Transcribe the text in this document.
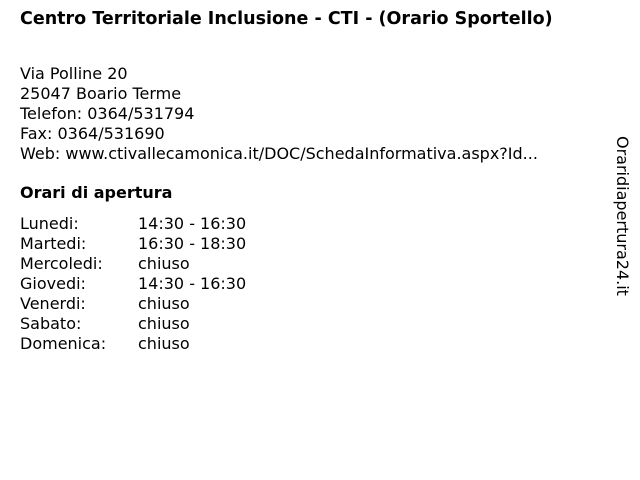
Centro Territoriale Inclusione - CTI - (Orario Sportello)
Via Polline 20
25047 Boario Terme
Telefon: 0364/531794
Fax: 0364/531690
Web: www.ctivallecamonica.it/DOC/SchedaInformativa.aspx?Id...
Orari di apertura
Lunedi:	14:30 - 16:30
Martedi:	16:30 - 18:30
Mercoledi:	chiuso
Giovedi:	14:30 - 16:30
Venerdi:	chiuso
Sabato:	chiuso
Domenica:	chiuso
Oraridiapertura24.it
